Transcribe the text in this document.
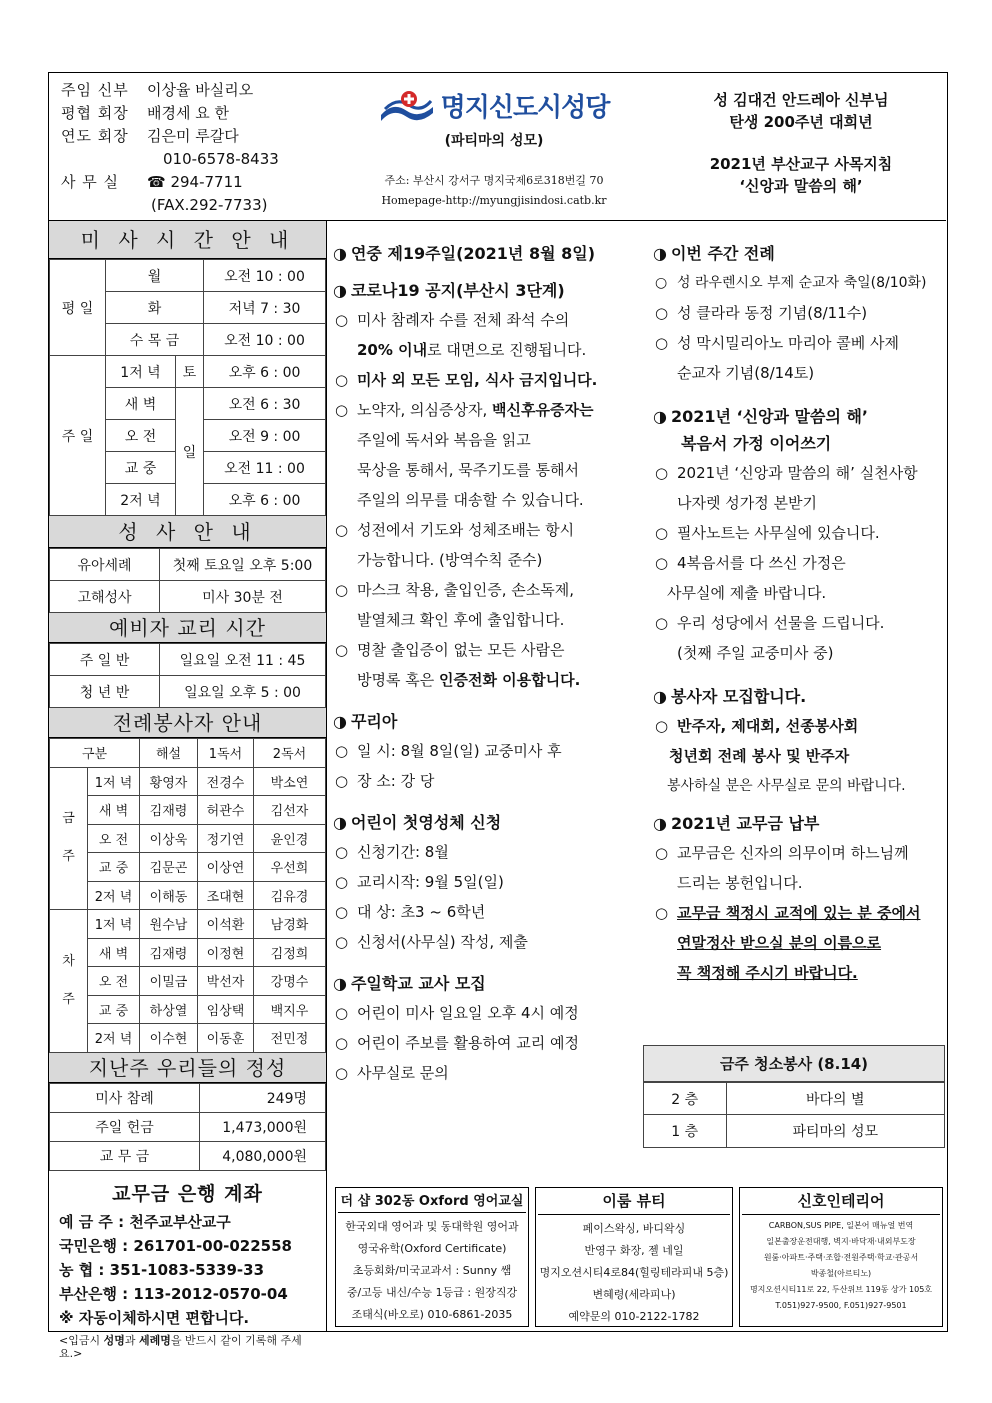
주임 신부 이상율 바실리오
평협 회장 배경세 요 한
연도 회장 김은미 루갈다
010-6578-8433
사 무 실 ☎ 294-7711
(FAX.292-7733)
명지신도시성당
(파티마의 성모)
주소: 부산시 강서구 명지국제6로318번길 70
Homepage-http://myungjisindosi.catb.kr
성 김대건 안드레아 신부님
탄생 200주년 대희년
2021년 부산교구 사목지침
‘신앙과 말씀의 해’
미 사 시 간 안 내
평 일	월		오전 10 : 00
	화		저녁 7 : 30
	수 목 금		오전 10 : 00
주 일	1저 녁	토	오후 6 : 00
	새 벽	일	오전 6 : 30
	오 전		오전 9 : 00
	교 중		오전 11 : 00
	2저 녁		오후 6 : 00
성 사 안 내
유아세례	첫째 토요일 오후 5:00
고해성사	미사 30분 전
예비자 교리 시간
주 일 반	일요일 오전 11 : 45
청 년 반	일요일 오후 5 : 00
전례봉사자 안내
구분		해설	1독서	2독서
금 주	1저 녁	황영자	전경수	박소연
	새 벽	김재령	허관수	김선자
	오 전	이상욱	정기연	윤인경
	교 중	김문곤	이상연	우선희
	2저 녁	이해동	조대현	김유경
차 주	1저 녁	원수남	이석환	남경화
	새 벽	김재령	이정현	김정희
	오 전	이밀금	박선자	강명수
	교 중	하상열	임상택	백지우
	2저 녁	이수현	이동훈	전민정
지난주 우리들의 정성
미사 참례	249명
주일 헌금	1,473,000원
교 무 금	4,080,000원
교무금 은행 계좌
예 금 주 : 천주교부산교구
국민은행 : 261701-00-022558
농 협 : 351-1083-5339-33
부산은행 : 113-2012-0570-04
※ 자동이체하시면 편합니다.
<입금시 성명과 세례명을 반드시 같이 기록해 주세요.>
◑ 연중 제19주일(2021년 8월 8일)
◑ 코로나19 공지(부산시 3단계)
○ 미사 참례자 수를 전체 좌석 수의
20% 이내로 대면으로 진행됩니다.
○ 미사 외 모든 모임, 식사 금지입니다.
○ 노약자, 의심증상자, 백신후유증자는
주일에 독서와 복음을 읽고
묵상을 통해서, 묵주기도를 통해서
주일의 의무를 대송할 수 있습니다.
○ 성전에서 기도와 성체조배는 항시
가능합니다. (방역수칙 준수)
○ 마스크 착용, 출입인증, 손소독제,
발열체크 확인 후에 출입합니다.
○ 명찰 출입증이 없는 모든 사람은
방명록 혹은 인증전화 이용합니다.
◑ 꾸리아
○ 일 시: 8월 8일(일) 교중미사 후
○ 장 소: 강 당
◑ 어린이 첫영성체 신청
○ 신청기간: 8월
○ 교리시작: 9월 5일(일)
○ 대 상: 초3 ~ 6학년
○ 신청서(사무실) 작성, 제출
◑ 주일학교 교사 모집
○ 어린이 미사 일요일 오후 4시 예정
○ 어린이 주보를 활용하여 교리 예정
○ 사무실로 문의
◑ 이번 주간 전례
○ 성 라우렌시오 부제 순교자 축일(8/10화)
○ 성 클라라 동정 기념(8/11수)
○ 성 막시밀리아노 마리아 콜베 사제
순교자 기념(8/14토)
◑ 2021년 ‘신앙과 말씀의 해’
복음서 가정 이어쓰기
○ 2021년 ‘신앙과 말씀의 해’ 실천사항
나자렛 성가정 본받기
○ 필사노트는 사무실에 있습니다.
○ 4복음서를 다 쓰신 가정은
사무실에 제출 바랍니다.
○ 우리 성당에서 선물을 드립니다.
(첫째 주일 교중미사 중)
◑ 봉사자 모집합니다.
○ 반주자, 제대회, 선종봉사회
청년회 전례 봉사 및 반주자
봉사하실 분은 사무실로 문의 바랍니다.
◑ 2021년 교무금 납부
○ 교무금은 신자의 의무이며 하느님께
드리는 봉헌입니다.
○ 교무금 책정시 교적에 있는 분 중에서
연말정산 받으실 분의 이름으로
꼭 책정해 주시기 바랍니다.
금주 청소봉사 (8.14)
2 층	바다의 별
1 층	파티마의 성모
더 샵 302동 Oxford 영어교실
한국외대 영어과 및 동대학원 영어과
영국유학(Oxford Certificate)
초등회화/미국교과서 : Sunny 쌤
중/고등 내신/수능 1등급 : 원장직강
조태식(바오로) 010-6861-2035
이룸 뷰티
페이스왁싱, 바디왁싱
반영구 화장, 젤 네일
명지오션시티4로84(힐링테라피내 5층)
변혜령(세라피나)
예약문의 010-2122-1782
신호인테리어
CARBON,SUS PIPE, 일본어 매뉴얼 번역
일본출장운전대행, 벽지·바닥재·내외부도장
원룸·아파트·주택·조합·전원주택·학교·관공서
박종철(아르티노)
명지오션시티11로 22, 두산위브 119동 상가 105호
T.051)927-9500, F.051)927-9501
